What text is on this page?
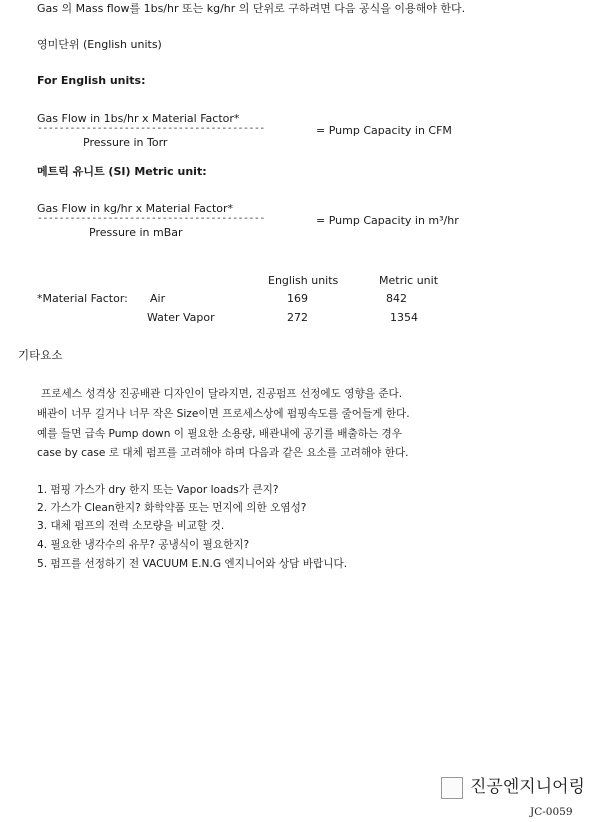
Gas 의 Mass flow를 1bs/hr 또는 kg/hr 의 단위로 구하려면 다음 공식을 이용해야 한다.
영미단위 (English units)
For English units:
Gas Flow in 1bs/hr x Material Factor*
------------------------------------------	= Pump Capacity in CFM
Pressure in Torr
메트릭 유니트 (SI) Metric unit:
Gas Flow in kg/hr x Material Factor*
------------------------------------------	= Pump Capacity in m³/hr
Pressure in mBar
English units	Metric unit
*Material Factor: Air	169	842
Water Vapor	272	1354
기타요소
프로세스 성격상 진공배관 디자인이 달라지면, 진공펌프 선정에도 영향을 준다.
배관이 너무 길거나 너무 작은 Size이면 프로세스상에 펌핑속도를 줄어들게 한다.
예를 들면 급속 Pump down 이 필요한 소용량, 배관내에 공기를 배출하는 경우
case by case 로 대체 펌프를 고려해야 하며 다음과 같은 요소를 고려해야 한다.
1. 펌핑 가스가 dry 한지 또는 Vapor loads가 큰지?
2. 가스가 Clean한지? 화학약품 또는 먼지에 의한 오염성?
3. 대체 펌프의 전력 소모량을 비교할 것.
4. 필요한 냉각수의 유무? 공냉식이 필요한지?
5. 펌프를 선정하기 전 VACUUM E.N.G 엔지니어와 상담 바랍니다.
진공엔지니어링
JC-0059
